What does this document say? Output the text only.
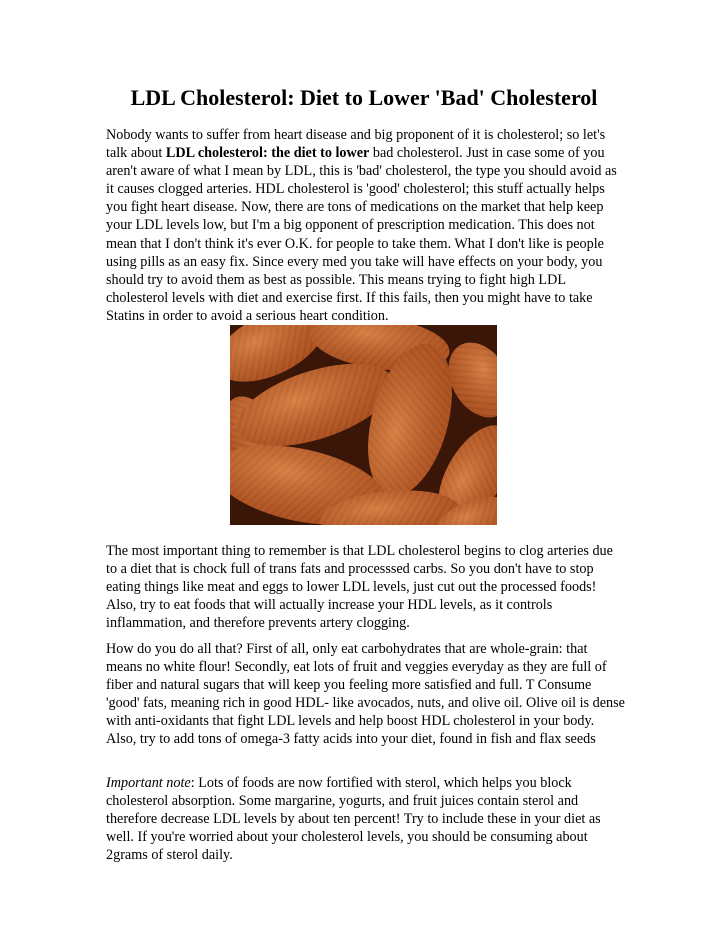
LDL Cholesterol: Diet to Lower 'Bad' Cholesterol

Nobody wants to suffer from heart disease and big proponent of it is cholesterol; so let's talk about LDL cholesterol: the diet to lower bad cholesterol. Just in case some of you aren't aware of what I mean by LDL, this is 'bad' cholesterol, the type you should avoid as it causes clogged arteries. HDL cholesterol is 'good' cholesterol; this stuff actually helps you fight heart disease. Now, there are tons of medications on the market that help keep your LDL levels low, but I'm a big opponent of prescription medication. This does not mean that I don't think it's ever O.K. for people to take them. What I don't like is people using pills as an easy fix. Since every med you take will have effects on your body, you should try to avoid them as best as possible. This means trying to fight high LDL cholesterol levels with diet and exercise first. If this fails, then you might have to take Statins in order to avoid a serious heart condition.

The most important thing to remember is that LDL cholesterol begins to clog arteries due to a diet that is chock full of trans fats and processsed carbs. So you don't have to stop eating things like meat and eggs to lower LDL levels, just cut out the processed foods! Also, try to eat foods that will actually increase your HDL levels, as it controls inflammation, and therefore prevents artery clogging.

How do you do all that? First of all, only eat carbohydrates that are whole-grain: that means no white flour! Secondly, eat lots of fruit and veggies everyday as they are full of fiber and natural sugars that will keep you feeling more satisfied and full. T Consume 'good' fats, meaning rich in good HDL- like avocados, nuts, and olive oil. Olive oil is dense with anti-oxidants that fight LDL levels and help boost HDL cholesterol in your body. Also, try to add tons of omega-3 fatty acids into your diet, found in fish and flax seeds

Important note: Lots of foods are now fortified with sterol, which helps you block cholesterol absorption. Some margarine, yogurts, and fruit juices contain sterol and therefore decrease LDL levels by about ten percent! Try to include these in your diet as well. If you're worried about your cholesterol levels, you should be consuming about 2grams of sterol daily.
